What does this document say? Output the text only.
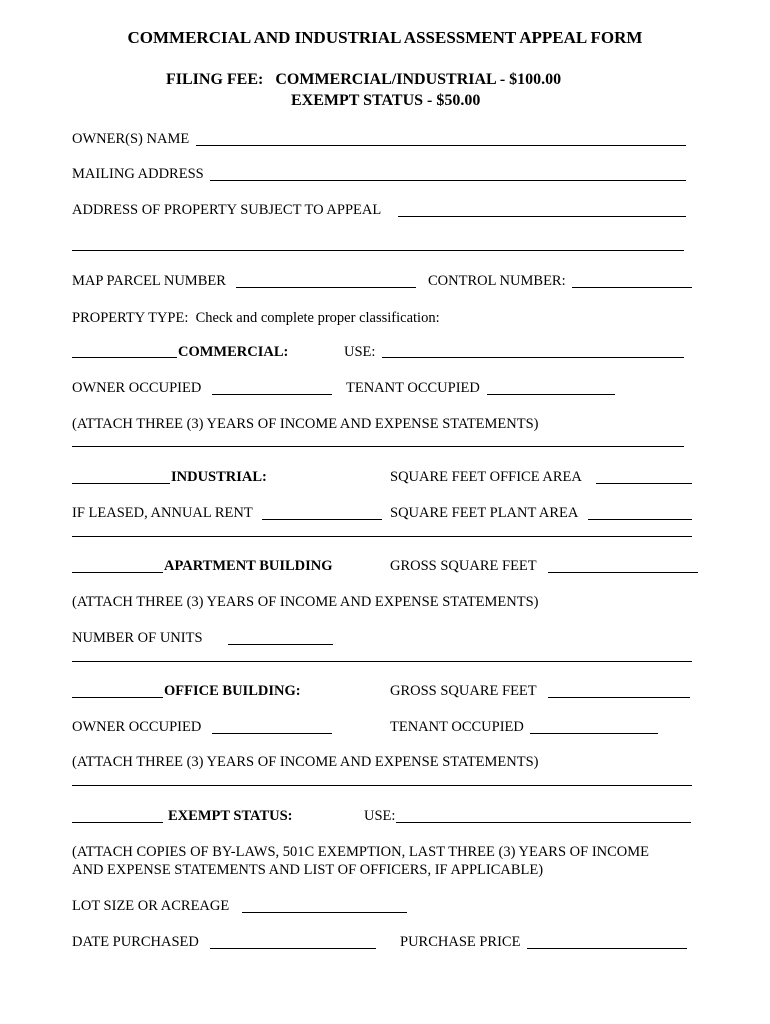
COMMERCIAL AND INDUSTRIAL ASSESSMENT APPEAL FORM
FILING FEE:   COMMERCIAL/INDUSTRIAL - $100.00
EXEMPT STATUS - $50.00
OWNER(S) NAME
MAILING ADDRESS
ADDRESS OF PROPERTY SUBJECT TO APPEAL
MAP PARCEL NUMBER	CONTROL NUMBER:
PROPERTY TYPE:  Check and complete proper classification:
COMMERCIAL:	USE:
OWNER OCCUPIED	TENANT OCCUPIED
(ATTACH THREE (3) YEARS OF INCOME AND EXPENSE STATEMENTS)
INDUSTRIAL:	SQUARE FEET OFFICE AREA
IF LEASED, ANNUAL RENT	SQUARE FEET PLANT AREA
APARTMENT BUILDING	GROSS SQUARE FEET
(ATTACH THREE (3) YEARS OF INCOME AND EXPENSE STATEMENTS)
NUMBER OF UNITS
OFFICE BUILDING:	GROSS SQUARE FEET
OWNER OCCUPIED	TENANT OCCUPIED
(ATTACH THREE (3) YEARS OF INCOME AND EXPENSE STATEMENTS)
EXEMPT STATUS:	USE:
(ATTACH COPIES OF BY-LAWS, 501C EXEMPTION, LAST THREE (3) YEARS OF INCOME
AND EXPENSE STATEMENTS AND LIST OF OFFICERS, IF APPLICABLE)
LOT SIZE OR ACREAGE
DATE PURCHASED	PURCHASE PRICE
